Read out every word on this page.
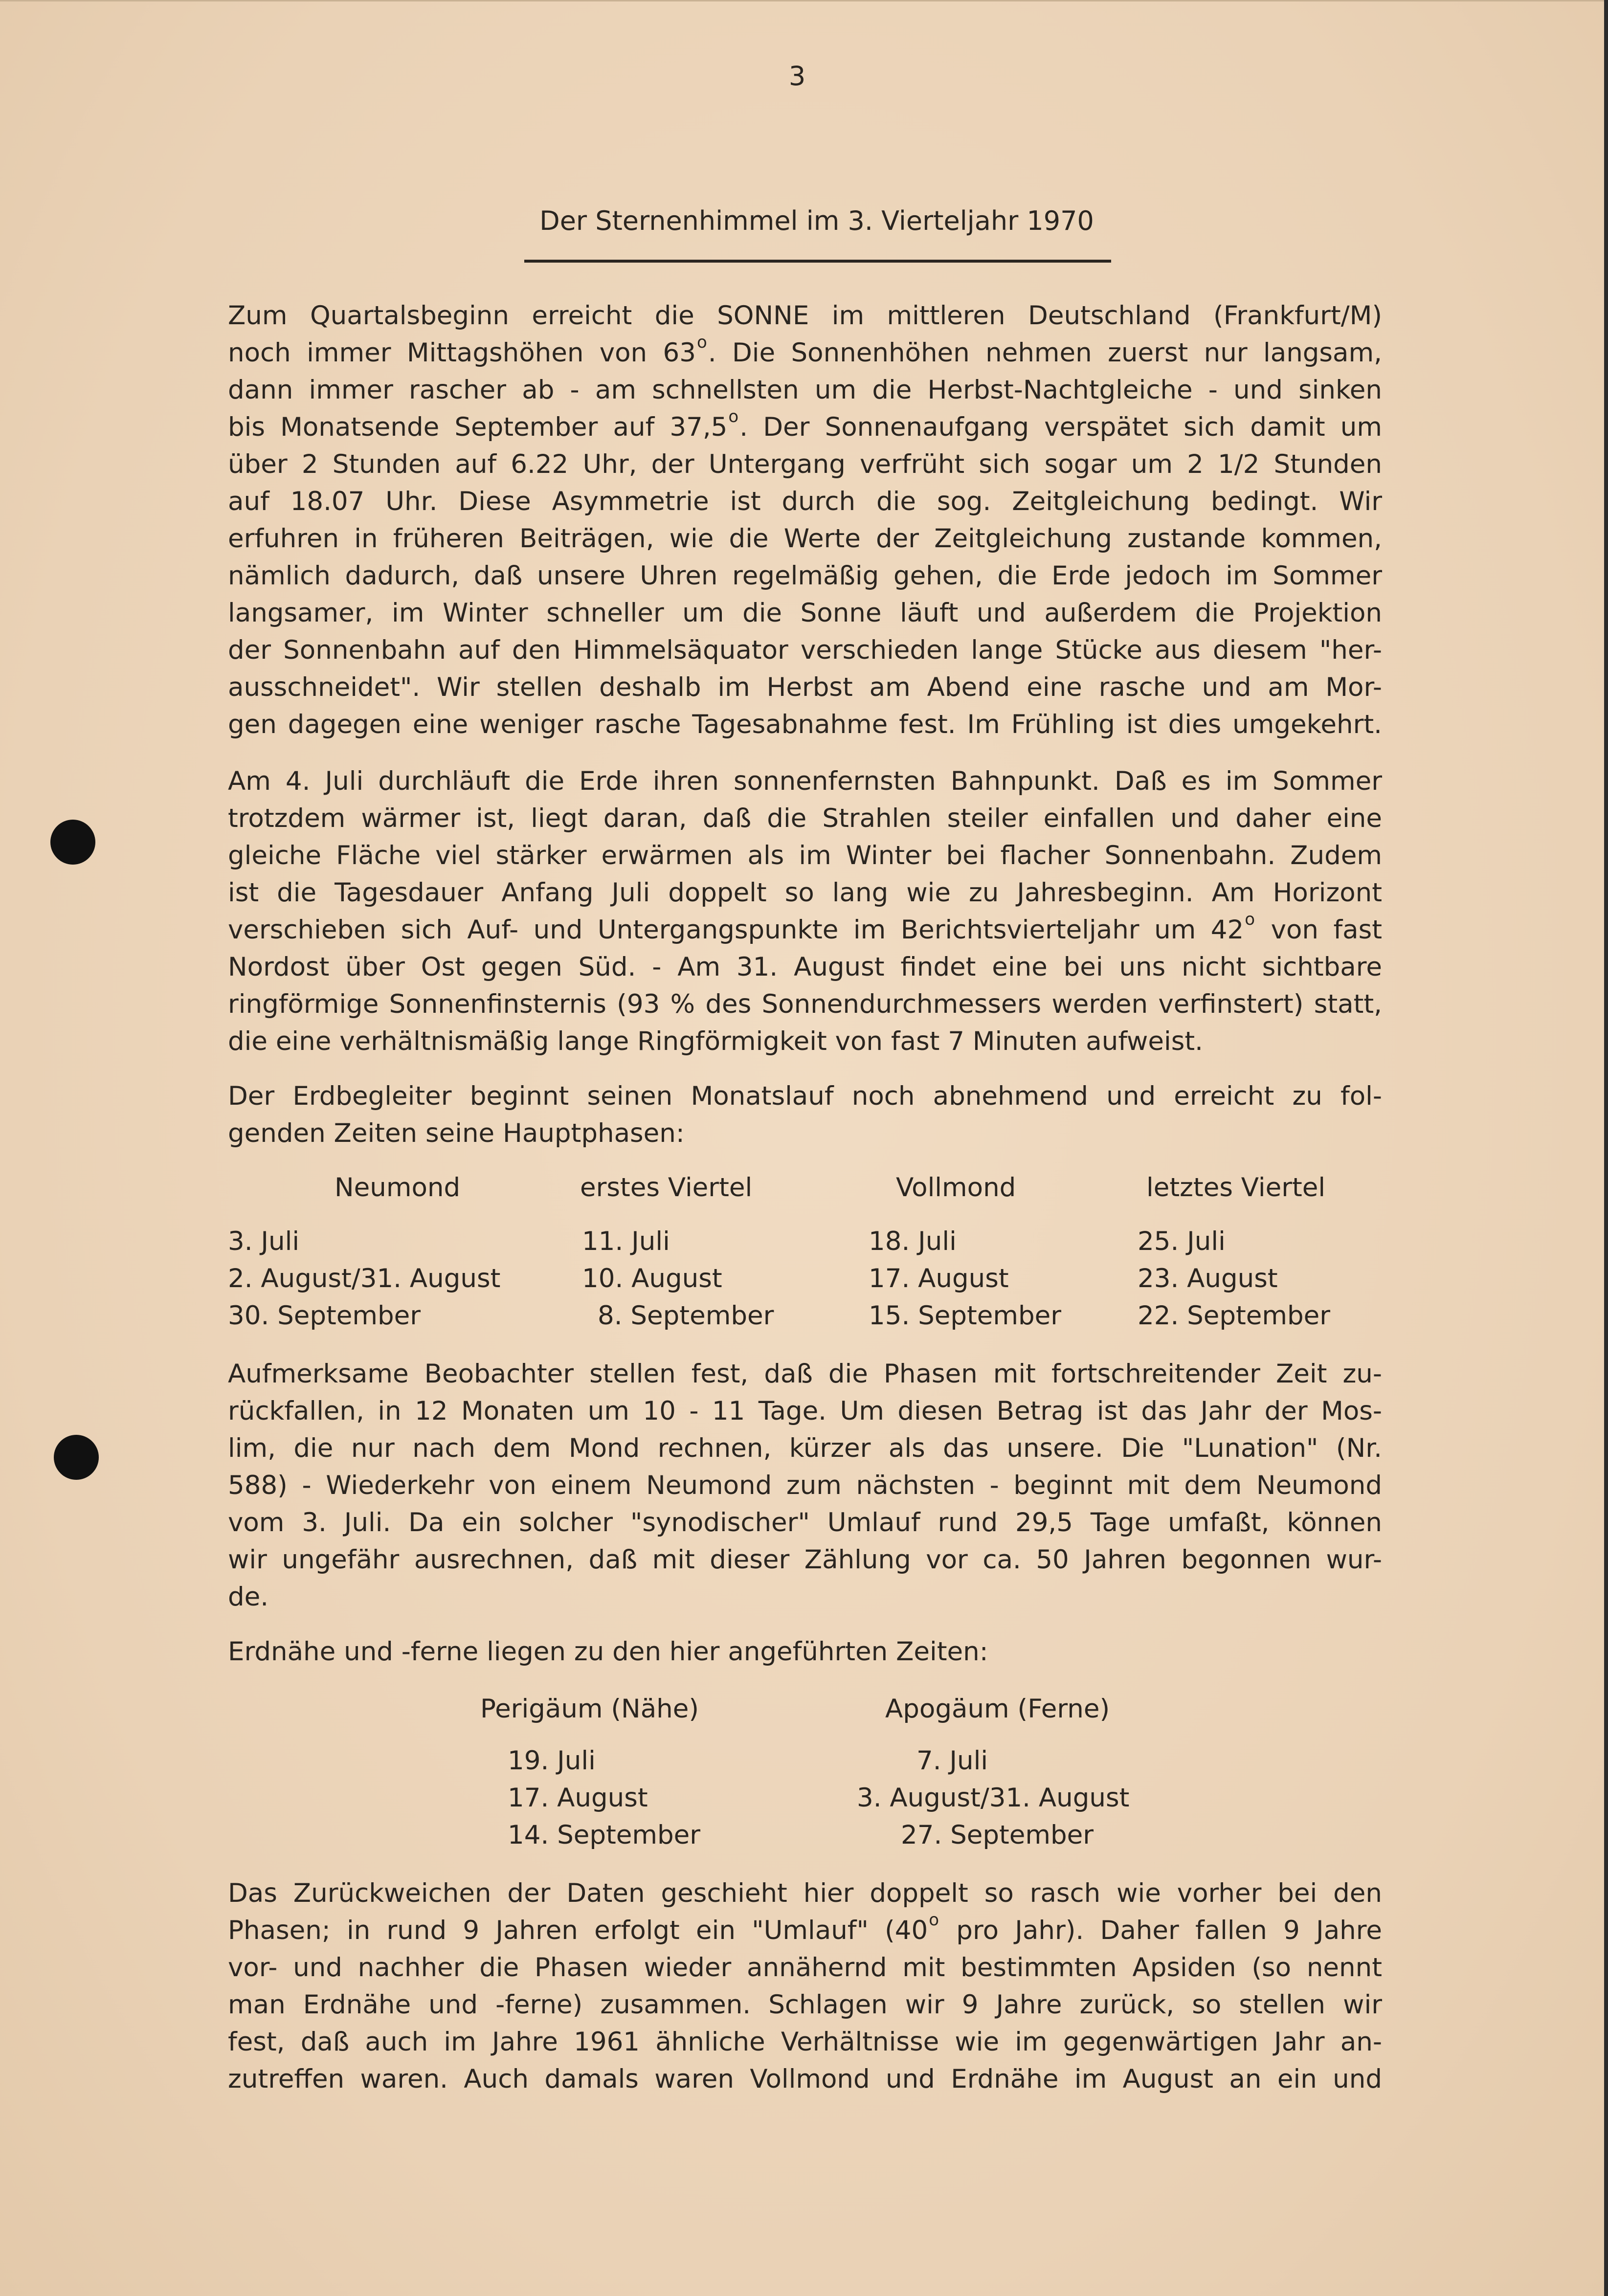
3
Der Sternenhimmel im 3. Vierteljahr 1970
Zum Quartalsbeginn erreicht die SONNE im mittleren Deutschland (Frankfurt/M)
noch immer Mittagshöhen von 63$^o$. Die Sonnenhöhen nehmen zuerst nur langsam,
dann immer rascher ab - am schnellsten um die Herbst-Nachtgleiche - und sinken
bis Monatsende September auf 37,5$^o$. Der Sonnenaufgang verspätet sich damit um
über 2 Stunden auf 6.22 Uhr, der Untergang verfrüht sich sogar um 2 1/2 Stunden
auf 18.07 Uhr. Diese Asymmetrie ist durch die sog. Zeitgleichung bedingt. Wir
erfuhren in früheren Beiträgen, wie die Werte der Zeitgleichung zustande kommen,
nämlich dadurch, daß unsere Uhren regelmäßig gehen, die Erde jedoch im Sommer
langsamer, im Winter schneller um die Sonne läuft und außerdem die Projektion
der Sonnenbahn auf den Himmelsäquator verschieden lange Stücke aus diesem "her-
ausschneidet". Wir stellen deshalb im Herbst am Abend eine rasche und am Mor-
gen dagegen eine weniger rasche Tagesabnahme fest. Im Frühling ist dies umgekehrt.
Am 4. Juli durchläuft die Erde ihren sonnenfernsten Bahnpunkt. Daß es im Sommer
trotzdem wärmer ist, liegt daran, daß die Strahlen steiler einfallen und daher eine
gleiche Fläche viel stärker erwärmen als im Winter bei flacher Sonnenbahn. Zudem
ist die Tagesdauer Anfang Juli doppelt so lang wie zu Jahresbeginn. Am Horizont
verschieben sich Auf- und Untergangspunkte im Berichtsvierteljahr um 42$^o$ von fast
Nordost über Ost gegen Süd. - Am 31. August findet eine bei uns nicht sichtbare
ringförmige Sonnenfinsternis (93 % des Sonnendurchmessers werden verfinstert) statt,
die eine verhältnismäßig lange Ringförmigkeit von fast 7 Minuten aufweist.
Der Erdbegleiter beginnt seinen Monatslauf noch abnehmend und erreicht zu fol-
genden Zeiten seine Hauptphasen:
Neumond	erstes Viertel	Vollmond	letztes Viertel
3. Juli	11. Juli	18. Juli	25. Juli
2. August/31. August	10. August	17. August	23. August
30. September	8. September	15. September	22. September
Aufmerksame Beobachter stellen fest, daß die Phasen mit fortschreitender Zeit zu-
rückfallen, in 12 Monaten um 10 - 11 Tage. Um diesen Betrag ist das Jahr der Mos-
lim, die nur nach dem Mond rechnen, kürzer als das unsere. Die "Lunation" (Nr.
588) - Wiederkehr von einem Neumond zum nächsten - beginnt mit dem Neumond
vom 3. Juli. Da ein solcher "synodischer" Umlauf rund 29,5 Tage umfaßt, können
wir ungefähr ausrechnen, daß mit dieser Zählung vor ca. 50 Jahren begonnen wur-
de.
Erdnähe und -ferne liegen zu den hier angeführten Zeiten:
Perigäum (Nähe)	Apogäum (Ferne)
19. Juli	7. Juli
17. August	3. August/31. August
14. September	27. September
Das Zurückweichen der Daten geschieht hier doppelt so rasch wie vorher bei den
Phasen; in rund 9 Jahren erfolgt ein "Umlauf" (40$^o$ pro Jahr). Daher fallen 9 Jahre
vor- und nachher die Phasen wieder annähernd mit bestimmten Apsiden (so nennt
man Erdnähe und -ferne) zusammen. Schlagen wir 9 Jahre zurück, so stellen wir
fest, daß auch im Jahre 1961 ähnliche Verhältnisse wie im gegenwärtigen Jahr an-
zutreffen waren. Auch damals waren Vollmond und Erdnähe im August an ein und
